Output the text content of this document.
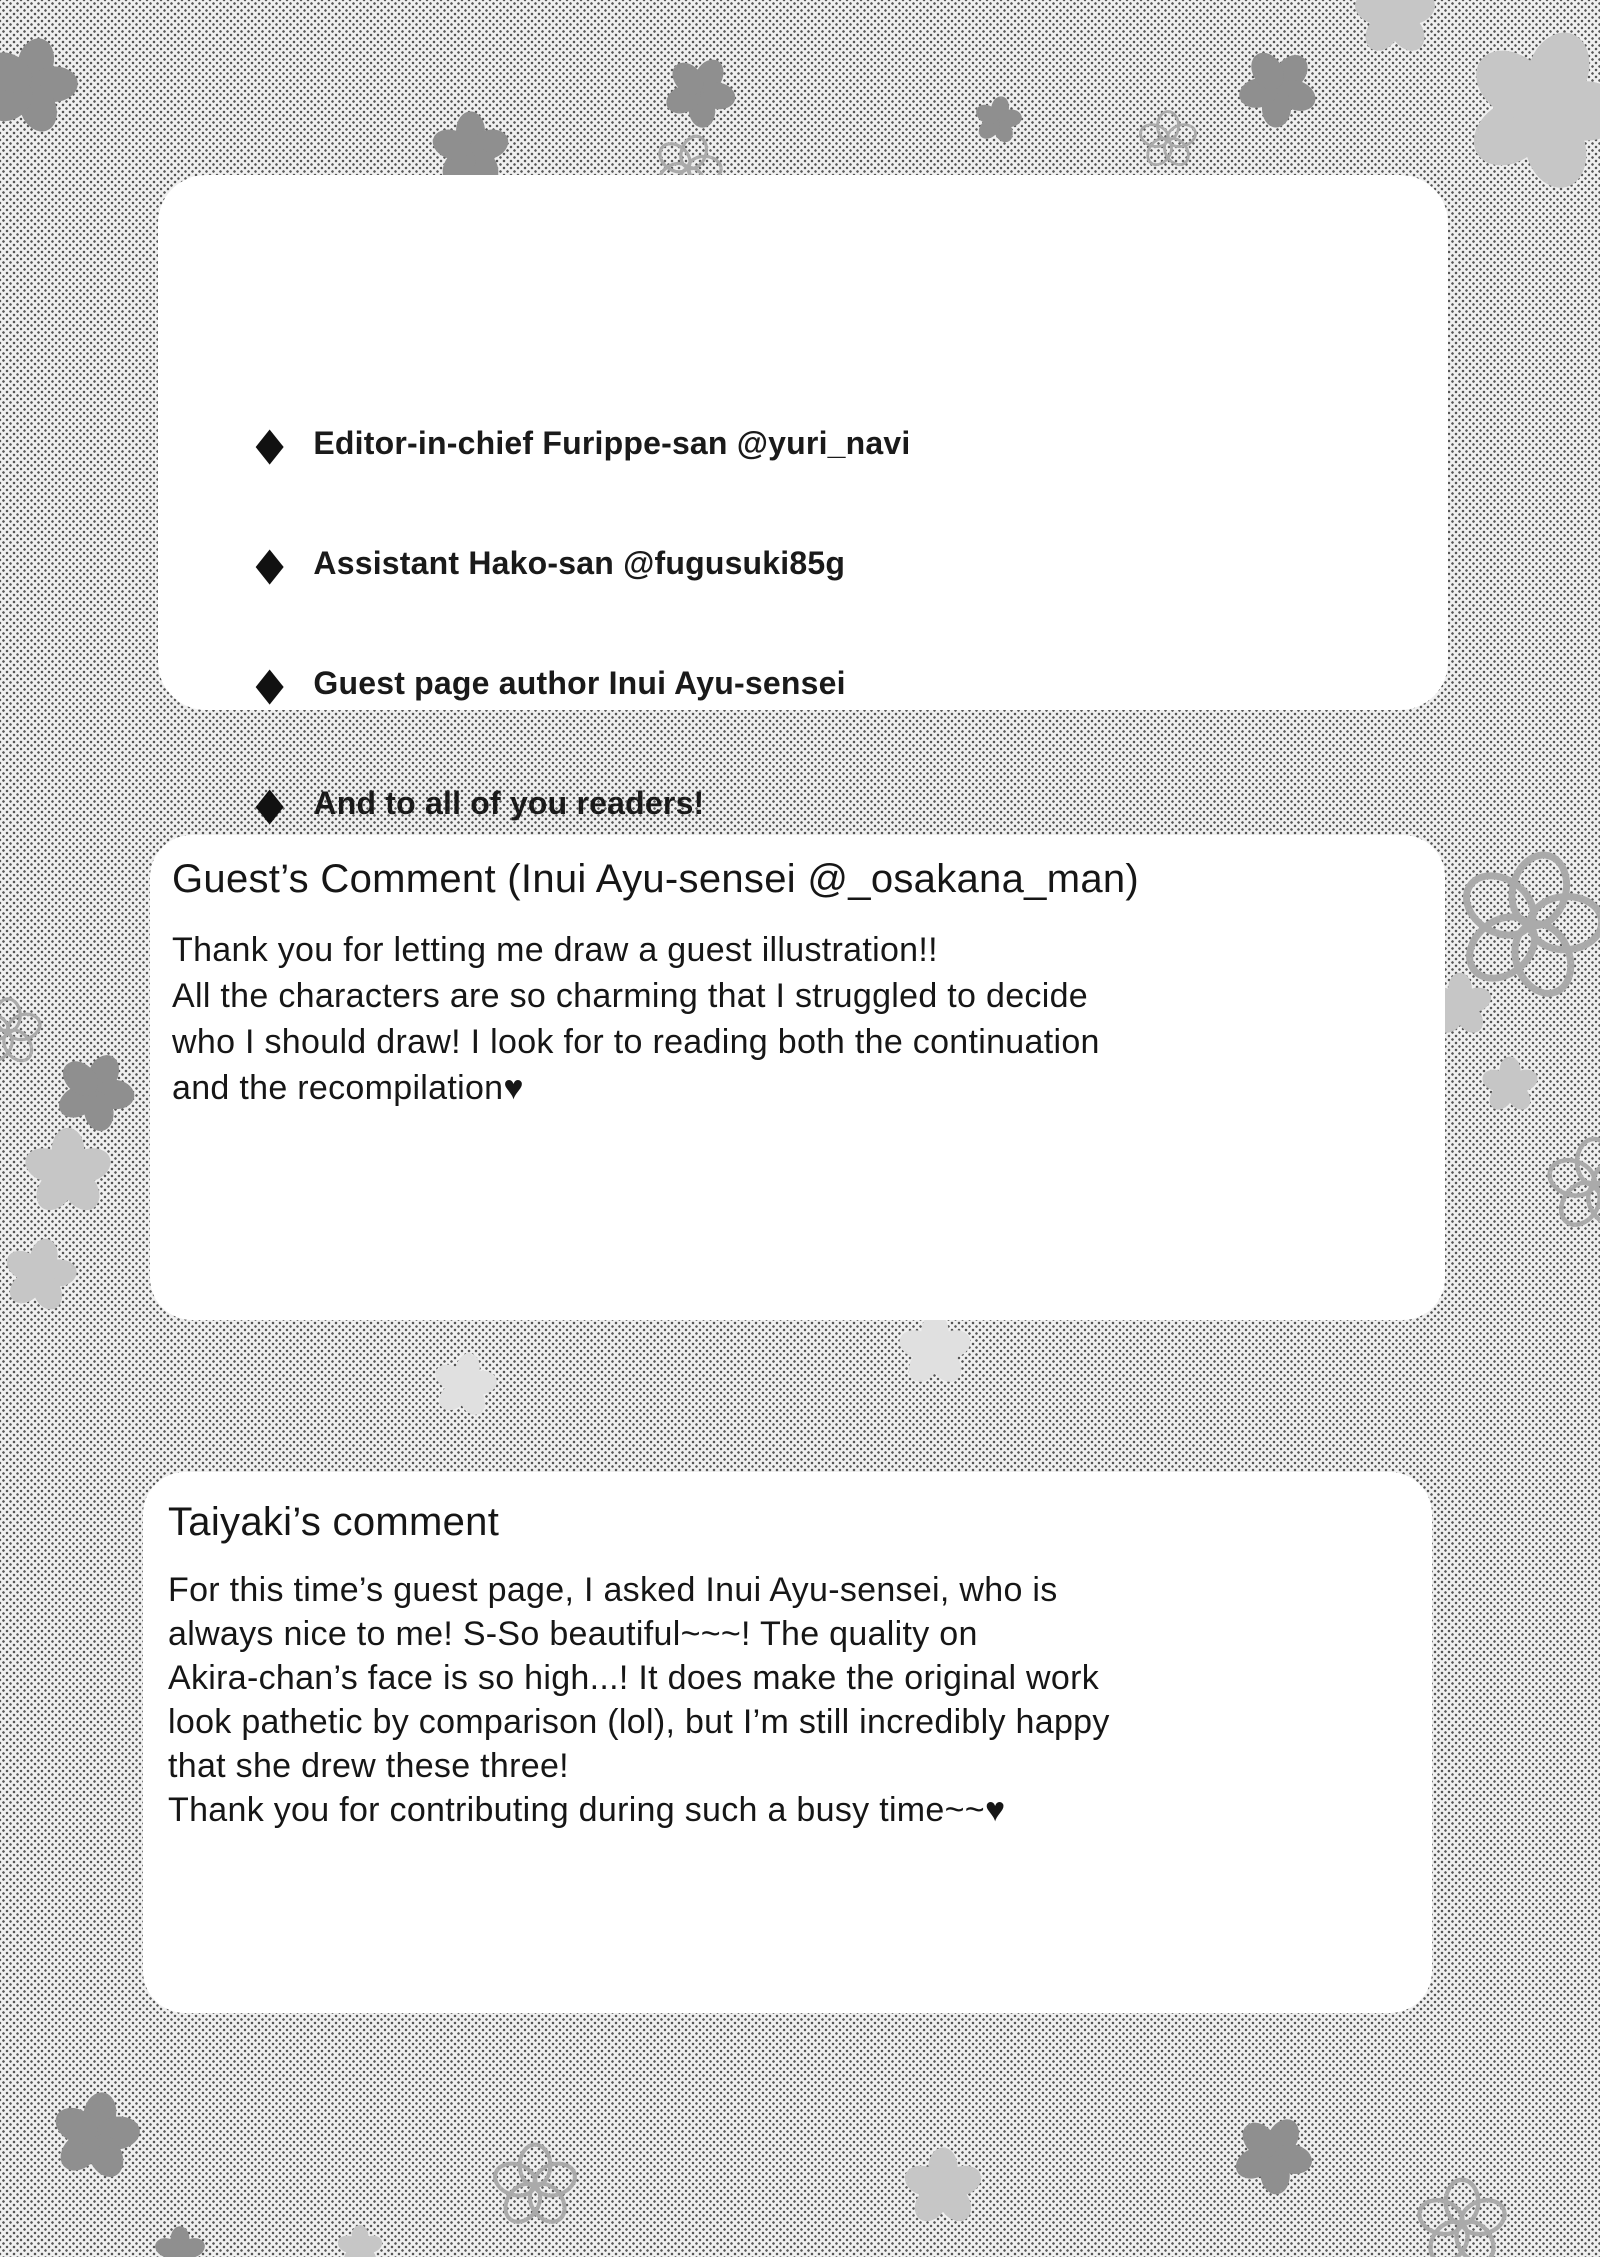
◆ Editor-in-chief Furippe-san @yuri_navi
◆ Assistant Hako-san @fugusuki85g
◆ Guest page author Inui Ayu-sensei
◆ And to all of you readers!
Guest’s Comment (Inui Ayu-sensei @_osakana_man)
Thank you for letting me draw a guest illustration!!
All the characters are so charming that I struggled to decide
who I should draw! I look for to reading both the continuation
and the recompilation♥
Taiyaki’s comment
For this time’s guest page, I asked Inui Ayu-sensei, who is
always nice to me! S-So beautiful~~~! The quality on
Akira-chan’s face is so high...! It does make the original work
look pathetic by comparison (lol), but I’m still incredibly happy
that she drew these three!
Thank you for contributing during such a busy time~~♥
